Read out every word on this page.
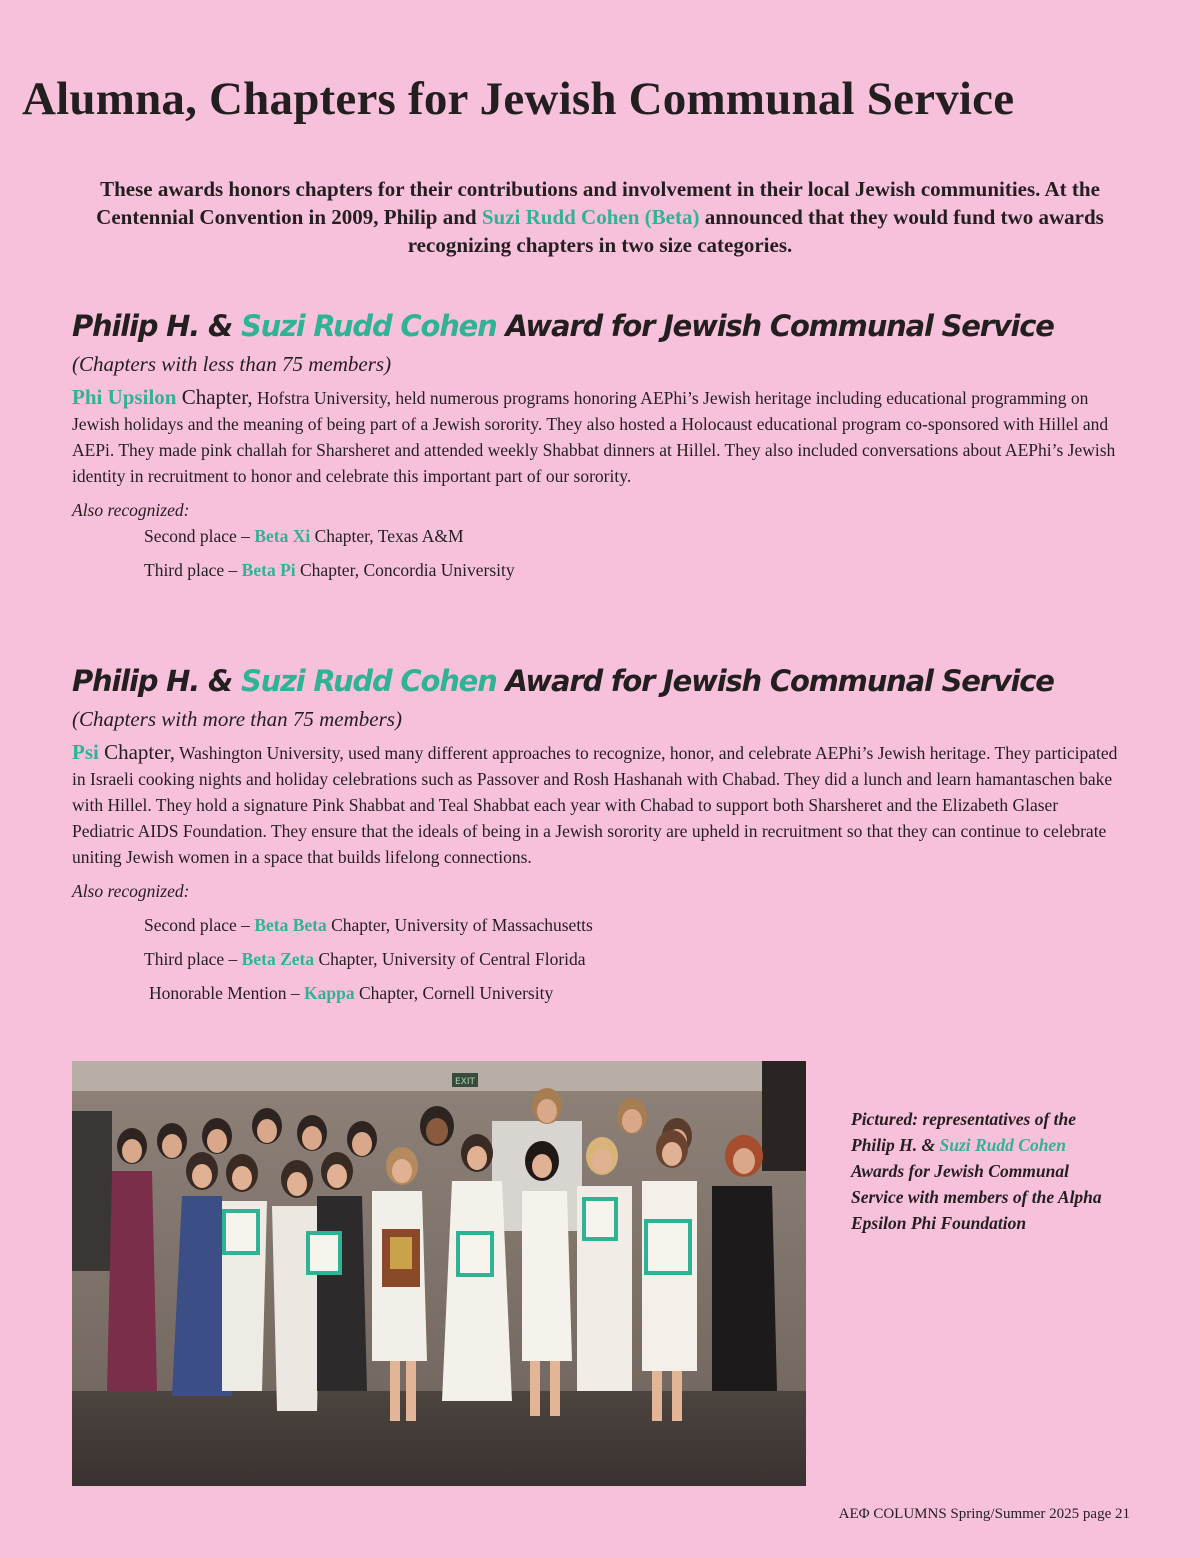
Alumna, Chapters for Jewish Communal Service

These awards honors chapters for their contributions and involvement in their local Jewish communities. At the Centennial Convention in 2009, Philip and Suzi Rudd Cohen (Beta) announced that they would fund two awards recognizing chapters in two size categories.

Philip H. & Suzi Rudd Cohen Award for Jewish Communal Service

(Chapters with less than 75 members)

Phi Upsilon Chapter, Hofstra University, held numerous programs honoring AEPhi’s Jewish heritage including educational programming on Jewish holidays and the meaning of being part of a Jewish sorority. They also hosted a Holocaust educational program co-sponsored with Hillel and AEPi. They made pink challah for Sharsheret and attended weekly Shabbat dinners at Hillel. They also included conversations about AEPhi’s Jewish identity in recruitment to honor and celebrate this important part of our sorority.

Also recognized:

Second place – Beta Xi Chapter, Texas A&M

Third place – Beta Pi Chapter, Concordia University

Philip H. & Suzi Rudd Cohen Award for Jewish Communal Service

(Chapters with more than 75 members)

Psi Chapter, Washington University, used many different approaches to recognize, honor, and celebrate AEPhi’s Jewish heritage. They participated in Israeli cooking nights and holiday celebrations such as Passover and Rosh Hashanah with Chabad. They did a lunch and learn hamantaschen bake with Hillel. They hold a signature Pink Shabbat and Teal Shabbat each year with Chabad to support both Sharsheret and the Elizabeth Glaser Pediatric AIDS Foundation. They ensure that the ideals of being in a Jewish sorority are upheld in recruitment so that they can continue to celebrate uniting Jewish women in a space that builds lifelong connections.

Also recognized:

Second place – Beta Beta Chapter, University of Massachusetts

Third place – Beta Zeta Chapter, University of Central Florida

Honorable Mention – Kappa Chapter, Cornell University

EXIT

Pictured: representatives of the Philip H. & Suzi Rudd Cohen Awards for Jewish Communal Service with members of the Alpha Epsilon Phi Foundation

AEΦ COLUMNS Spring/Summer 2025 page 21
